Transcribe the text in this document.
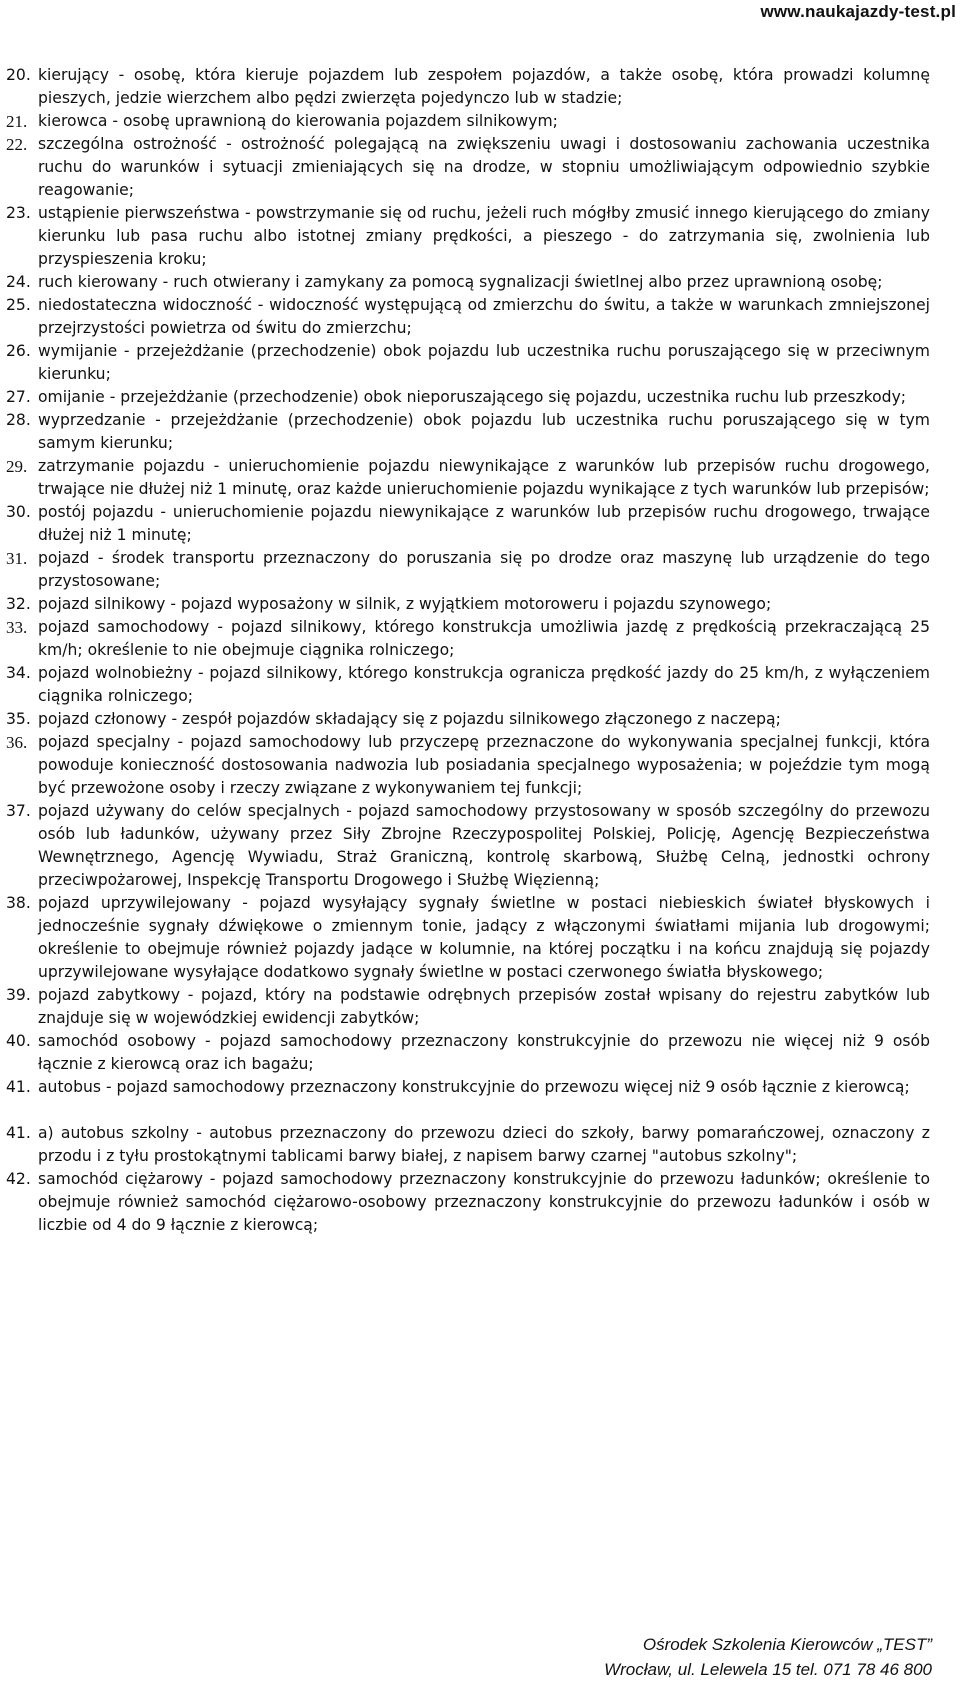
www.naukajazdy-test.pl
20. kierujący - osobę, która kieruje pojazdem lub zespołem pojazdów, a także osobę, która prowadzi kolumnę pieszych, jedzie wierzchem albo pędzi zwierzęta pojedynczo lub w stadzie;
21. kierowca - osobę uprawnioną do kierowania pojazdem silnikowym;
22. szczególna ostrożność - ostrożność polegającą na zwiększeniu uwagi i dostosowaniu zachowania uczestnika ruchu do warunków i sytuacji zmieniających się na drodze, w stopniu umożliwiającym odpowiednio szybkie reagowanie;
23. ustąpienie pierwszeństwa - powstrzymanie się od ruchu, jeżeli ruch mógłby zmusić innego kierującego do zmiany kierunku lub pasa ruchu albo istotnej zmiany prędkości, a pieszego - do zatrzymania się, zwolnienia lub przyspieszenia kroku;
24. ruch kierowany - ruch otwierany i zamykany za pomocą sygnalizacji świetlnej albo przez uprawnioną osobę;
25. niedostateczna widoczność - widoczność występującą od zmierzchu do świtu, a także w warunkach zmniejszonej przejrzystości powietrza od świtu do zmierzchu;
26. wymijanie - przejeżdżanie (przechodzenie) obok pojazdu lub uczestnika ruchu poruszającego się w przeciwnym kierunku;
27. omijanie - przejeżdżanie (przechodzenie) obok nieporuszającego się pojazdu, uczestnika ruchu lub przeszkody;
28. wyprzedzanie - przejeżdżanie (przechodzenie) obok pojazdu lub uczestnika ruchu poruszającego się w tym samym kierunku;
29. zatrzymanie pojazdu - unieruchomienie pojazdu niewynikające z warunków lub przepisów ruchu drogowego, trwające nie dłużej niż 1 minutę, oraz każde unieruchomienie pojazdu wynikające z tych warunków lub przepisów;
30. postój pojazdu - unieruchomienie pojazdu niewynikające z warunków lub przepisów ruchu drogowego, trwające dłużej niż 1 minutę;
31. pojazd - środek transportu przeznaczony do poruszania się po drodze oraz maszynę lub urządzenie do tego przystosowane;
32. pojazd silnikowy - pojazd wyposażony w silnik, z wyjątkiem motoroweru i pojazdu szynowego;
33. pojazd samochodowy - pojazd silnikowy, którego konstrukcja umożliwia jazdę z prędkością przekraczającą 25 km/h; określenie to nie obejmuje ciągnika rolniczego;
34. pojazd wolnobieżny - pojazd silnikowy, którego konstrukcja ogranicza prędkość jazdy do 25 km/h, z wyłączeniem ciągnika rolniczego;
35. pojazd członowy - zespół pojazdów składający się z pojazdu silnikowego złączonego z naczepą;
36. pojazd specjalny - pojazd samochodowy lub przyczepę przeznaczone do wykonywania specjalnej funkcji, która powoduje konieczność dostosowania nadwozia lub posiadania specjalnego wyposażenia; w pojeździe tym mogą być przewożone osoby i rzeczy związane z wykonywaniem tej funkcji;
37. pojazd używany do celów specjalnych - pojazd samochodowy przystosowany w sposób szczególny do przewozu osób lub ładunków, używany przez Siły Zbrojne Rzeczypospolitej Polskiej, Policję, Agencję Bezpieczeństwa Wewnętrznego, Agencję Wywiadu, Straż Graniczną, kontrolę skarbową, Służbę Celną, jednostki ochrony przeciwpożarowej, Inspekcję Transportu Drogowego i Służbę Więzienną;
38. pojazd uprzywilejowany - pojazd wysyłający sygnały świetlne w postaci niebieskich świateł błyskowych i jednocześnie sygnały dźwiękowe o zmiennym tonie, jadący z włączonymi światłami mijania lub drogowymi; określenie to obejmuje również pojazdy jadące w kolumnie, na której początku i na końcu znajdują się pojazdy uprzywilejowane wysyłające dodatkowo sygnały świetlne w postaci czerwonego światła błyskowego;
39. pojazd zabytkowy - pojazd, który na podstawie odrębnych przepisów został wpisany do rejestru zabytków lub znajduje się w wojewódzkiej ewidencji zabytków;
40. samochód osobowy - pojazd samochodowy przeznaczony konstrukcyjnie do przewozu nie więcej niż 9 osób łącznie z kierowcą oraz ich bagażu;
41. autobus - pojazd samochodowy przeznaczony konstrukcyjnie do przewozu więcej niż 9 osób łącznie z kierowcą;
41. a) autobus szkolny - autobus przeznaczony do przewozu dzieci do szkoły, barwy pomarańczowej, oznaczony z przodu i z tyłu prostokątnymi tablicami barwy białej, z napisem barwy czarnej "autobus szkolny";
42. samochód ciężarowy - pojazd samochodowy przeznaczony konstrukcyjnie do przewozu ładunków; określenie to obejmuje również samochód ciężarowo-osobowy przeznaczony konstrukcyjnie do przewozu ładunków i osób w liczbie od 4 do 9 łącznie z kierowcą;
Ośrodek Szkolenia Kierowców „TEST”
Wrocław, ul. Lelewela 15 tel. 071 78 46 800
